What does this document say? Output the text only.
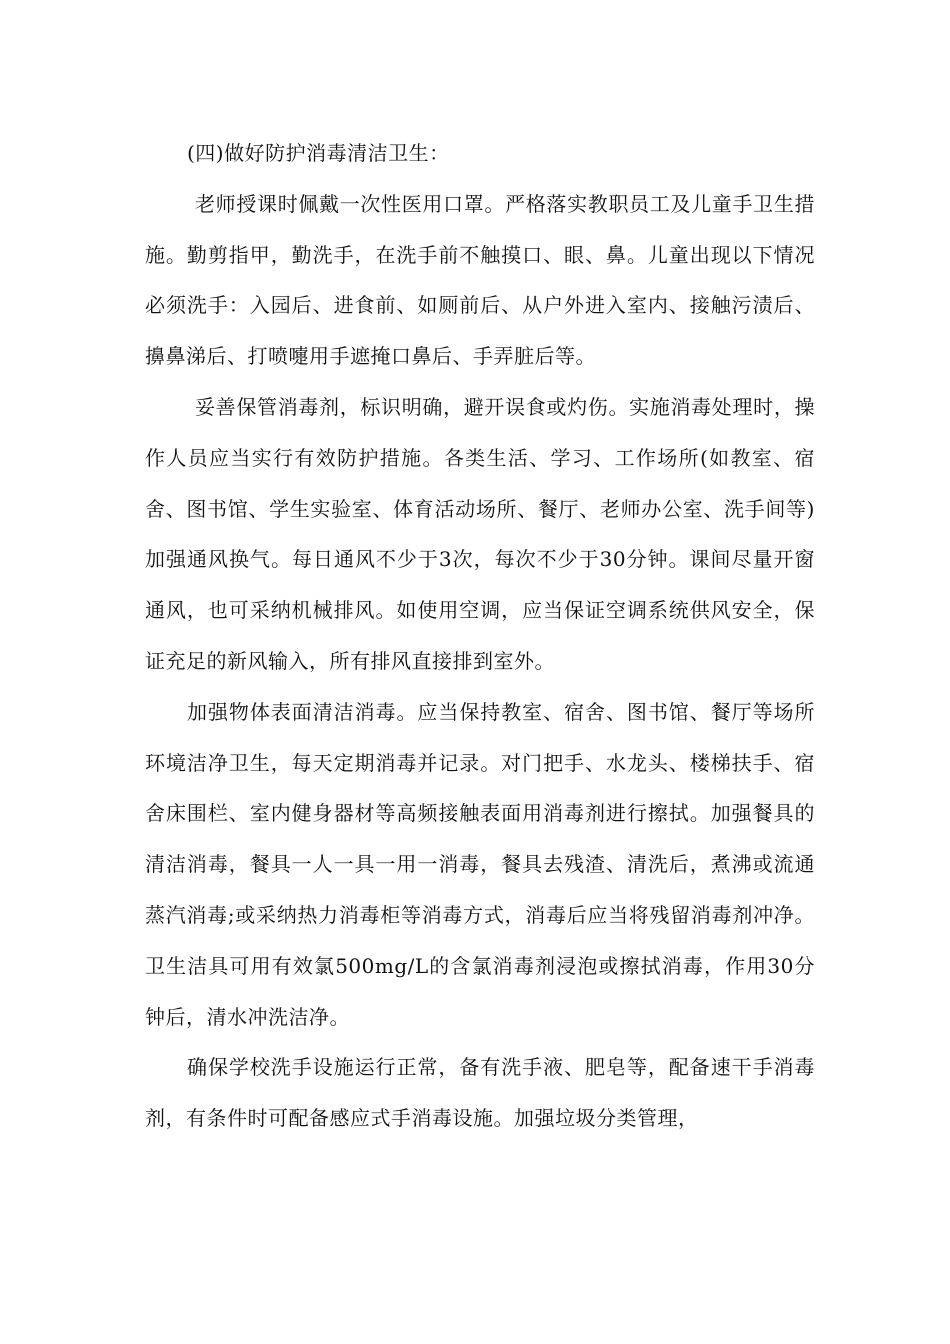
(四)做好防护消毒清洁卫生：

老师授课时佩戴一次性医用口罩。严格落实教职员工及儿童手卫生措施。勤剪指甲，勤洗手，在洗手前不触摸口、眼、鼻。儿童出现以下情况必须洗手：入园后、进食前、如厕前后、从户外进入室内、接触污渍后、擤鼻涕后、打喷嚏用手遮掩口鼻后、手弄脏后等。

妥善保管消毒剂，标识明确，避开误食或灼伤。实施消毒处理时，操作人员应当实行有效防护措施。各类生活、学习、工作场所(如教室、宿舍、图书馆、学生实验室、体育活动场所、餐厅、老师办公室、洗手间等)加强通风换气。每日通风不少于3次，每次不少于30分钟。课间尽量开窗通风，也可采纳机械排风。如使用空调，应当保证空调系统供风安全，保证充足的新风输入，所有排风直接排到室外。

加强物体表面清洁消毒。应当保持教室、宿舍、图书馆、餐厅等场所环境洁净卫生，每天定期消毒并记录。对门把手、水龙头、楼梯扶手、宿舍床围栏、室内健身器材等高频接触表面用消毒剂进行擦拭。加强餐具的清洁消毒，餐具一人一具一用一消毒，餐具去残渣、清洗后，煮沸或流通蒸汽消毒;或采纳热力消毒柜等消毒方式，消毒后应当将残留消毒剂冲净。卫生洁具可用有效氯500mg/L的含氯消毒剂浸泡或擦拭消毒，作用30分钟后，清水冲洗洁净。

确保学校洗手设施运行正常，备有洗手液、肥皂等，配备速干手消毒剂，有条件时可配备感应式手消毒设施。加强垃圾分类管理，
